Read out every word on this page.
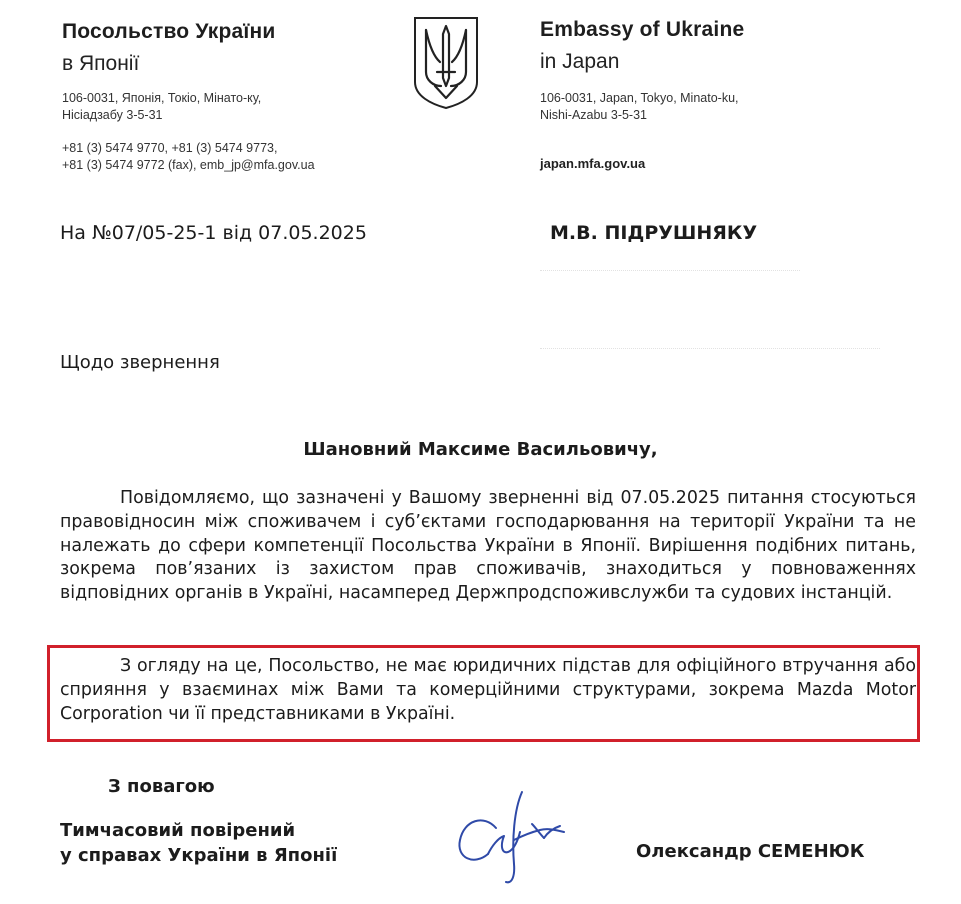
Посольство України
в Японії
106-0031, Японія, Токіо, Мінато-ку,
Ніcіадзабу 3-5-31
+81 (3) 5474 9770, +81 (3) 5474 9773,
+81 (3) 5474 9772 (fax), emb_jp@mfa.gov.ua
Embassy of Ukraine
in Japan
106-0031, Japan, Tokyo, Minato-ku,
Nishi-Azabu 3-5-31
japan.mfa.gov.ua
На №07/05-25-1 від 07.05.2025	М.В. ПІДРУШНЯКУ
Щодо звернення
Шановний Максиме Васильовичу,
Повідомляємо, що зазначені у Вашому зверненні від 07.05.2025 питання стосуються правовідносин між споживачем і суб’єктами господарювання на території України та не належать до сфери компетенції Посольства України в Японії. Вирішення подібних питань, зокрема пов’язаних із захистом прав споживачів, знаходиться у повноваженнях відповідних органів в Україні, насамперед Держпродспоживслужби та судових інстанцій.
З огляду на це, Посольство, не має юридичних підстав для офіційного втручання або сприяння у взаєминах між Вами та комерційними структурами, зокрема Mazda Motor Corporation чи її представниками в Україні.
З повагою
Тимчасовий повірений
у справах України в Японії	Олександр СЕМЕНЮК
